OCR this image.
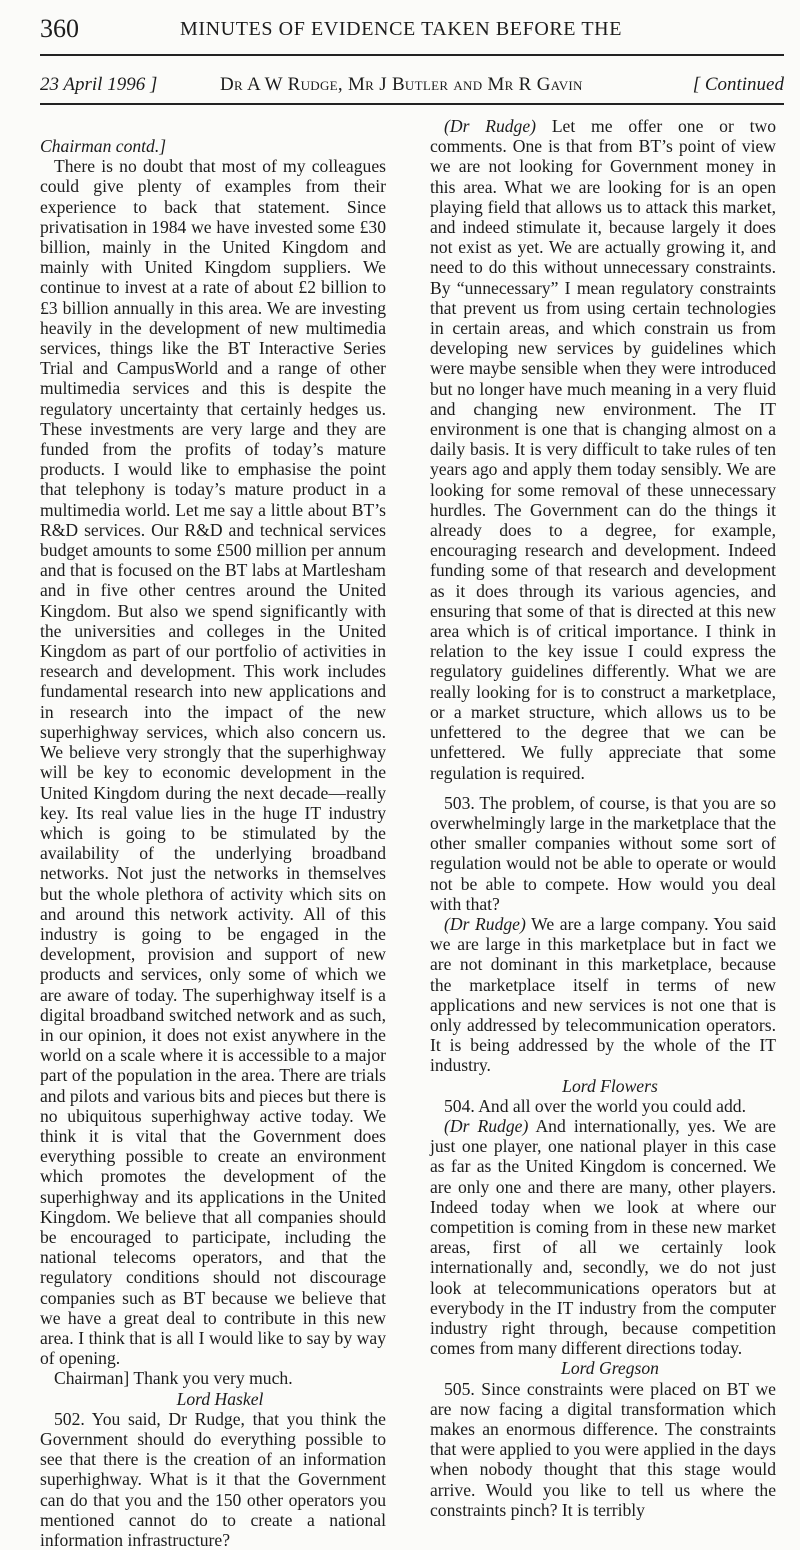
360	MINUTES OF EVIDENCE TAKEN BEFORE THE
23 April 1996 ]	Dr A W Rudge, Mr J Butler and Mr R Gavin	[ Continued

Chairman contd.]

There is no doubt that most of my colleagues could give plenty of examples from their experience to back that statement. Since privatisation in 1984 we have invested some £30 billion, mainly in the United Kingdom and mainly with United Kingdom suppliers. We continue to invest at a rate of about £2 billion to £3 billion annually in this area. We are investing heavily in the development of new multimedia services, things like the BT Interactive Series Trial and CampusWorld and a range of other multimedia services and this is despite the regulatory uncertainty that certainly hedges us. These investments are very large and they are funded from the profits of today’s mature products. I would like to emphasise the point that telephony is today’s mature product in a multimedia world. Let me say a little about BT’s R&D services. Our R&D and technical services budget amounts to some £500 million per annum and that is focused on the BT labs at Martlesham and in five other centres around the United Kingdom. But also we spend significantly with the universities and colleges in the United Kingdom as part of our portfolio of activities in research and development. This work includes fundamental research into new applications and in research into the impact of the new superhighway services, which also concern us. We believe very strongly that the superhighway will be key to economic development in the United Kingdom during the next decade—really key. Its real value lies in the huge IT industry which is going to be stimulated by the availability of the underlying broadband networks. Not just the networks in themselves but the whole plethora of activity which sits on and around this network activity. All of this industry is going to be engaged in the development, provision and support of new products and services, only some of which we are aware of today. The superhighway itself is a digital broadband switched network and as such, in our opinion, it does not exist anywhere in the world on a scale where it is accessible to a major part of the population in the area. There are trials and pilots and various bits and pieces but there is no ubiquitous superhighway active today. We think it is vital that the Government does everything possible to create an environment which promotes the development of the superhighway and its applications in the United Kingdom. We believe that all companies should be encouraged to participate, including the national telecoms operators, and that the regulatory conditions should not discourage companies such as BT because we believe that we have a great deal to contribute in this new area. I think that is all I would like to say by way of opening.

Chairman] Thank you very much.

Lord Haskel

502. You said, Dr Rudge, that you think the Government should do everything possible to see that there is the creation of an information superhighway. What is it that the Government can do that you and the 150 other operators you mentioned cannot do to create a national information infrastructure?

(Dr Rudge) Let me offer one or two comments. One is that from BT’s point of view we are not looking for Government money in this area. What we are looking for is an open playing field that allows us to attack this market, and indeed stimulate it, because largely it does not exist as yet. We are actually growing it, and need to do this without unnecessary constraints. By “unnecessary” I mean regulatory constraints that prevent us from using certain technologies in certain areas, and which constrain us from developing new services by guidelines which were maybe sensible when they were introduced but no longer have much meaning in a very fluid and changing new environment. The IT environment is one that is changing almost on a daily basis. It is very difficult to take rules of ten years ago and apply them today sensibly. We are looking for some removal of these unnecessary hurdles. The Government can do the things it already does to a degree, for example, encouraging research and development. Indeed funding some of that research and development as it does through its various agencies, and ensuring that some of that is directed at this new area which is of critical importance. I think in relation to the key issue I could express the regulatory guidelines differently. What we are really looking for is to construct a marketplace, or a market structure, which allows us to be unfettered to the degree that we can be unfettered. We fully appreciate that some regulation is required.

503. The problem, of course, is that you are so overwhelmingly large in the marketplace that the other smaller companies without some sort of regulation would not be able to operate or would not be able to compete. How would you deal with that?

(Dr Rudge) We are a large company. You said we are large in this marketplace but in fact we are not dominant in this marketplace, because the marketplace itself in terms of new applications and new services is not one that is only addressed by telecommunication operators. It is being addressed by the whole of the IT industry.

Lord Flowers

504. And all over the world you could add.

(Dr Rudge) And internationally, yes. We are just one player, one national player in this case as far as the United Kingdom is concerned. We are only one and there are many, other players. Indeed today when we look at where our competition is coming from in these new market areas, first of all we certainly look internationally and, secondly, we do not just look at telecommunications operators but at everybody in the IT industry from the computer industry right through, because competition comes from many different directions today.

Lord Gregson

505. Since constraints were placed on BT we are now facing a digital transformation which makes an enormous difference. The constraints that were applied to you were applied in the days when nobody thought that this stage would arrive. Would you like to tell us where the constraints pinch? It is terribly
